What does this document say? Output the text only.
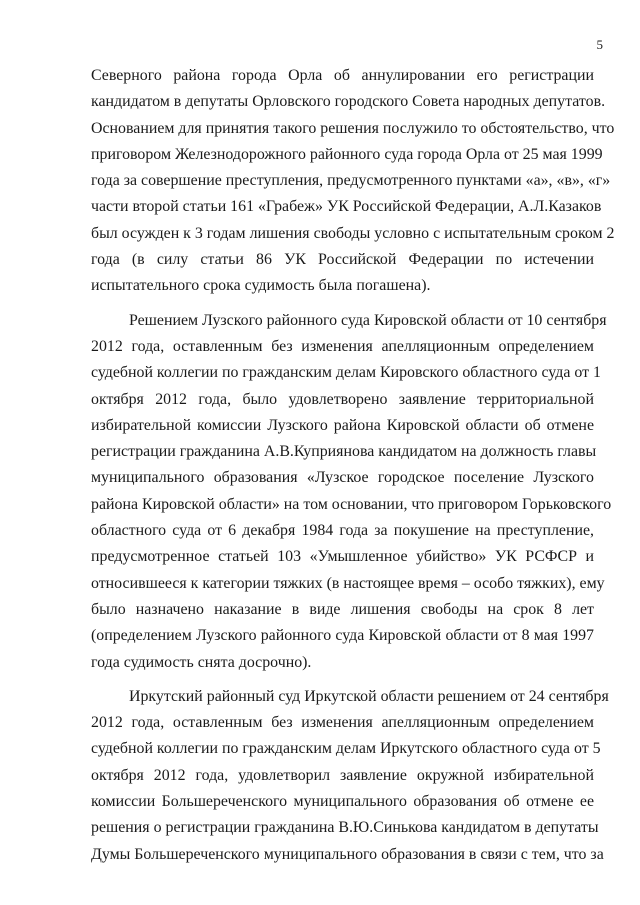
5
Северного района города Орла об аннулировании его регистрации
кандидатом в депутаты Орловского городского Совета народных депутатов.
Основанием для принятия такого решения послужило то обстоятельство, что
приговором Железнодорожного районного суда города Орла от 25 мая 1999
года за совершение преступления, предусмотренного пунктами «а», «в», «г»
части второй статьи 161 «Грабеж» УК Российской Федерации, А.Л.Казаков
был осужден к 3 годам лишения свободы условно с испытательным сроком 2
года (в силу статьи 86 УК Российской Федерации по истечении
испытательного срока судимость была погашена).
Решением Лузского районного суда Кировской области от 10 сентября
2012 года, оставленным без изменения апелляционным определением
судебной коллегии по гражданским делам Кировского областного суда от 1
октября 2012 года, было удовлетворено заявление территориальной
избирательной комиссии Лузского района Кировской области об отмене
регистрации гражданина А.В.Куприянова кандидатом на должность главы
муниципального образования «Лузское городское поселение Лузского
района Кировской области» на том основании, что приговором Горьковского
областного суда от 6 декабря 1984 года за покушение на преступление,
предусмотренное статьей 103 «Умышленное убийство» УК РСФСР и
относившееся к категории тяжких (в настоящее время – особо тяжких), ему
было назначено наказание в виде лишения свободы на срок 8 лет
(определением Лузского районного суда Кировской области от 8 мая 1997
года судимость снята досрочно).
Иркутский районный суд Иркутской области решением от 24 сентября
2012 года, оставленным без изменения апелляционным определением
судебной коллегии по гражданским делам Иркутского областного суда от 5
октября 2012 года, удовлетворил заявление окружной избирательной
комиссии Большереченского муниципального образования об отмене ее
решения о регистрации гражданина В.Ю.Синькова кандидатом в депутаты
Думы Большереченского муниципального образования в связи с тем, что за
